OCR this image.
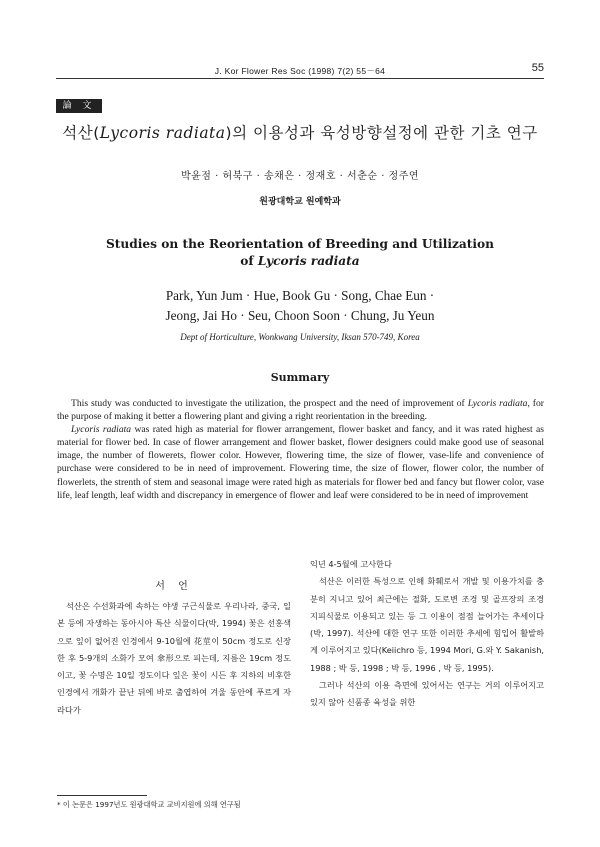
J. Kor Flower Res Soc (1998) 7(2) 55－64	55
論 文
석산(Lycoris radiata)의 이용성과 육성방향설정에 관한 기초 연구
박윤점 · 허북구 · 송채은 · 정재호 · 서춘순 · 정주연
원광대학교 원예학과
Studies on the Reorientation of Breeding and Utilization
of Lycoris radiata
Park, Yun Jum · Hue, Book Gu · Song, Chae Eun ·
Jeong, Jai Ho · Seu, Choon Soon · Chung, Ju Yeun
Dept of Horticulture, Wonkwang University, Iksan 570-749, Korea
Summary

This study was conducted to investigate the utilization, the prospect and the need of improvement of Lycoris radiata, for the purpose of making it better a flowering plant and giving a right reorientation in the breeding.

Lycoris radiata was rated high as material for flower arrangement, flower basket and fancy, and it was rated highest as material for flower bed. In case of flower arrangement and flower basket, flower designers could make good use of seasonal image, the number of flowerets, flower color. However, flowering time, the size of flower, vase-life and convenience of purchase were considered to be in need of improvement. Flowering time, the size of flower, flower color, the number of flowerlets, the strenth of stem and seasonal image were rated high as materials for flower bed and fancy but flower color, vase life, leaf length, leaf width and discrepancy in emergence of flower and leaf were considered to be in need of improvement

서 언

석산은 수선화과에 속하는 야생 구근식물로 우리나라, 중국, 일본 등에 자생하는 동아시아 특산 식물이다(박, 1994) 꽃은 선홍색으로 잎이 없어진 인경에서 9-10월에 花莖이 50cm 정도로 신장한 후 5-9개의 소화가 모여 傘形으로 피는데, 지름은 19cm 정도이고, 꽃 수명은 10일 정도이다 잎은 꽃이 시든 후 지하의 비후한 인경에서 개화가 끝난 뒤에 바로 출엽하여 겨울 동안에 푸르게 자라다가

익년 4-5월에 고사한다

석산은 이러한 특성으로 인해 화훼로서 개발 및 이용가치를 충분히 지니고 있어 최근에는 절화, 도로변 조경 및 골프장의 조경 지피식물로 이용되고 있는 등 그 이용이 점점 늘어가는 추세이다(박, 1997). 석산에 대한 연구 또한 이러한 추세에 힘입어 활발하게 이루어지고 있다(Keiichro 등, 1994 Mori, G.와 Y. Sakanish, 1988 ; 박 등, 1998 ; 박 등, 1996 , 박 등, 1995).

그러나 석산의 이용 측면에 있어서는 연구는 거의 이루어지고 있지 않아 신품종 육성을 위한

* 이 논문은 1997년도 원광대학교 교비지원에 의해 연구됨
